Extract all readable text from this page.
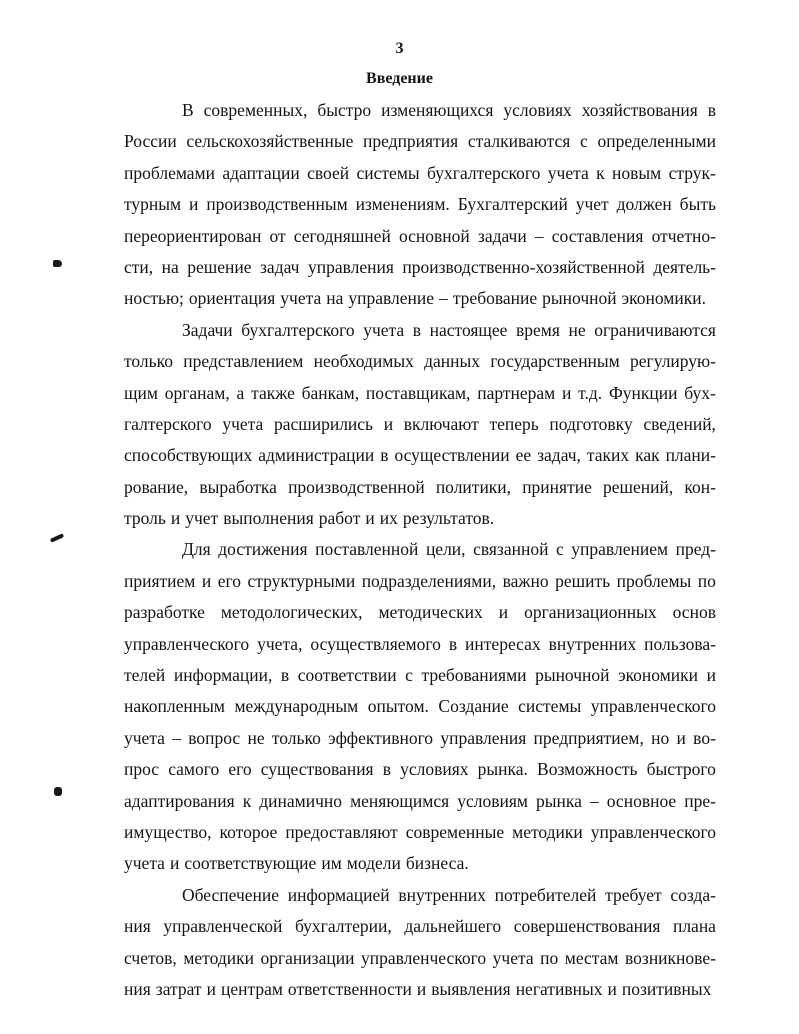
3
Введение
В современных, быстро изменяющихся условиях хозяйствования в
России сельскохозяйственные предприятия сталкиваются с определенными
проблемами адаптации своей системы бухгалтерского учета к новым струк-
турным и производственным изменениям. Бухгалтерский учет должен быть
переориентирован от сегодняшней основной задачи – составления отчетно-
сти, на решение задач управления производственно-хозяйственной деятель-
ностью; ориентация учета на управление – требование рыночной экономики.
Задачи бухгалтерского учета в настоящее время не ограничиваются
только представлением необходимых данных государственным регулирую-
щим органам, а также банкам, поставщикам, партнерам и т.д. Функции бух-
галтерского учета расширились и включают теперь подготовку сведений,
способствующих администрации в осуществлении ее задач, таких как плани-
рование, выработка производственной политики, принятие решений, кон-
троль и учет выполнения работ и их результатов.
Для достижения поставленной цели, связанной с управлением пред-
приятием и его структурными подразделениями, важно решить проблемы по
разработке методологических, методических и организационных основ
управленческого учета, осуществляемого в интересах внутренних пользова-
телей информации, в соответствии с требованиями рыночной экономики и
накопленным международным опытом. Создание системы управленческого
учета – вопрос не только эффективного управления предприятием, но и во-
прос самого его существования в условиях рынка. Возможность быстрого
адаптирования к динамично меняющимся условиям рынка – основное пре-
имущество, которое предоставляют современные методики управленческого
учета и соответствующие им модели бизнеса.
Обеспечение информацией внутренних потребителей требует созда-
ния управленческой бухгалтерии, дальнейшего совершенствования плана
счетов, методики организации управленческого учета по местам возникнове-
ния затрат и центрам ответственности и выявления негативных и позитивных
